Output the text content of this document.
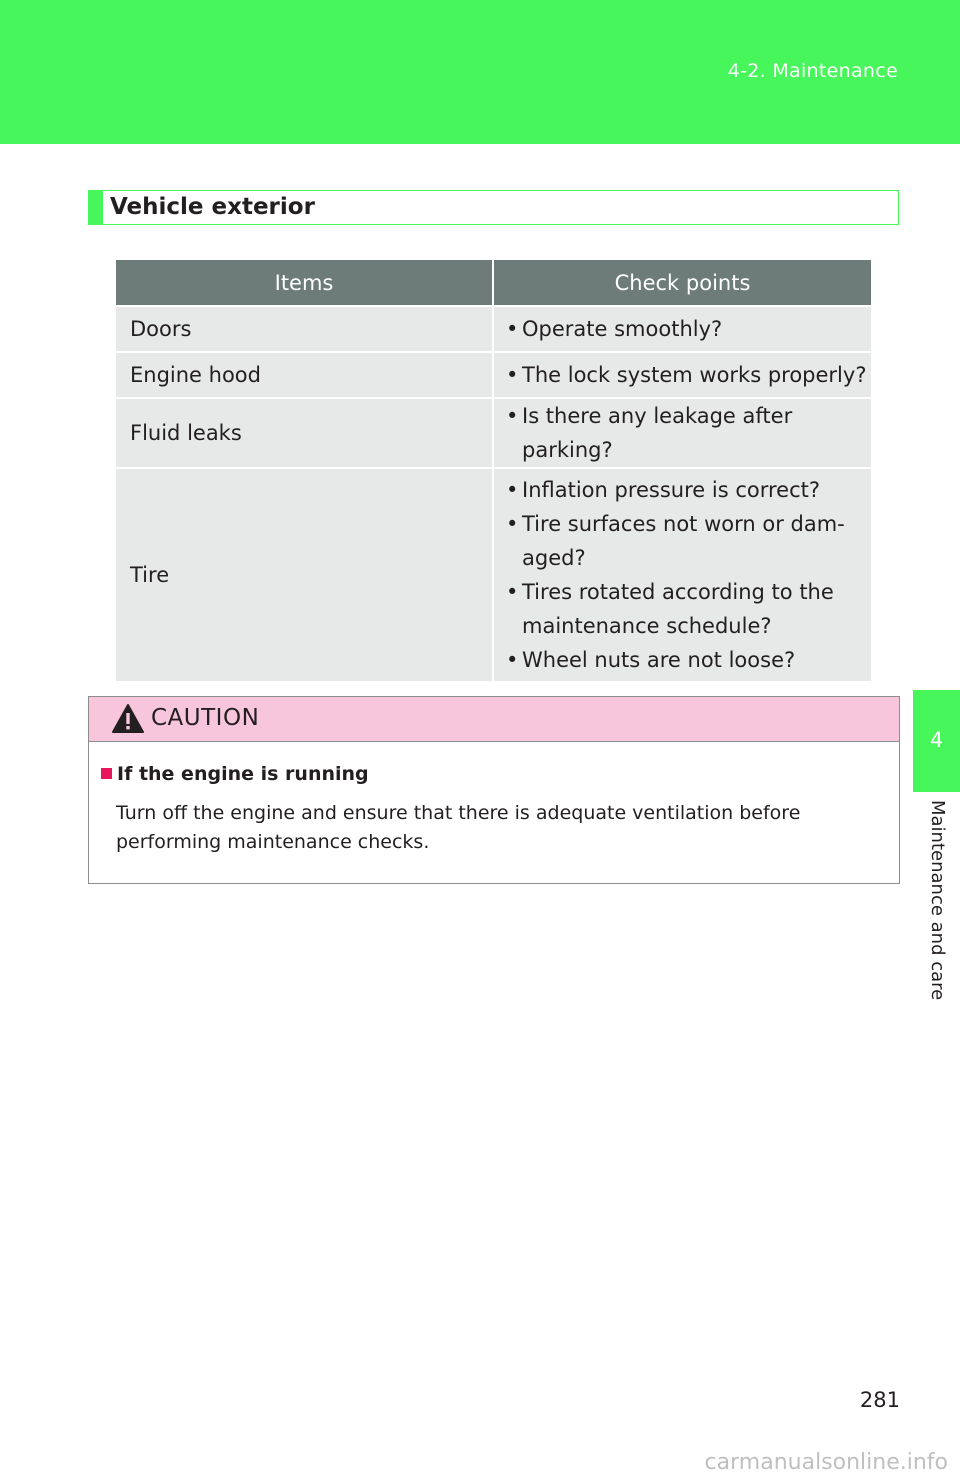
4-2. Maintenance
4
Maintenance and care
Vehicle exterior
Items	Check points
Doors	• Operate smoothly?

Engine hood	• The lock system works properly?

Fluid leaks	• Is there any leakage after parking?

Tire	• Inflation pressure is correct?
• Tire surfaces not worn or dam-aged?
• Tires rotated according to the maintenance schedule?
• Wheel nuts are not loose?
CAUTION
If the engine is running
Turn off the engine and ensure that there is adequate ventilation before performing maintenance checks.
281
carmanualsonline.info
